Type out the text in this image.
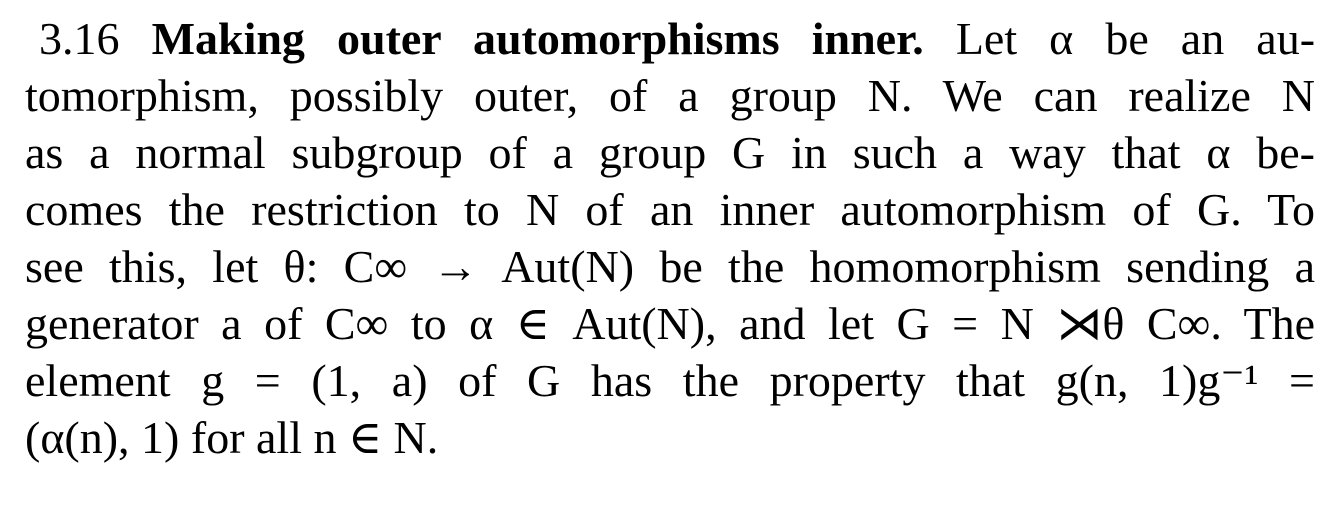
3.16 Making outer automorphisms inner. Let α be an au-
tomorphism, possibly outer, of a group N. We can realize N
as a normal subgroup of a group G in such a way that α be-
comes the restriction to N of an inner automorphism of G. To
see this, let θ: C∞ → Aut(N) be the homomorphism sending a
generator a of C∞ to α ∈ Aut(N), and let G = N ⋊θ C∞. The
element g = (1, a) of G has the property that g(n, 1)g⁻¹ =
(α(n), 1) for all n ∈ N.
